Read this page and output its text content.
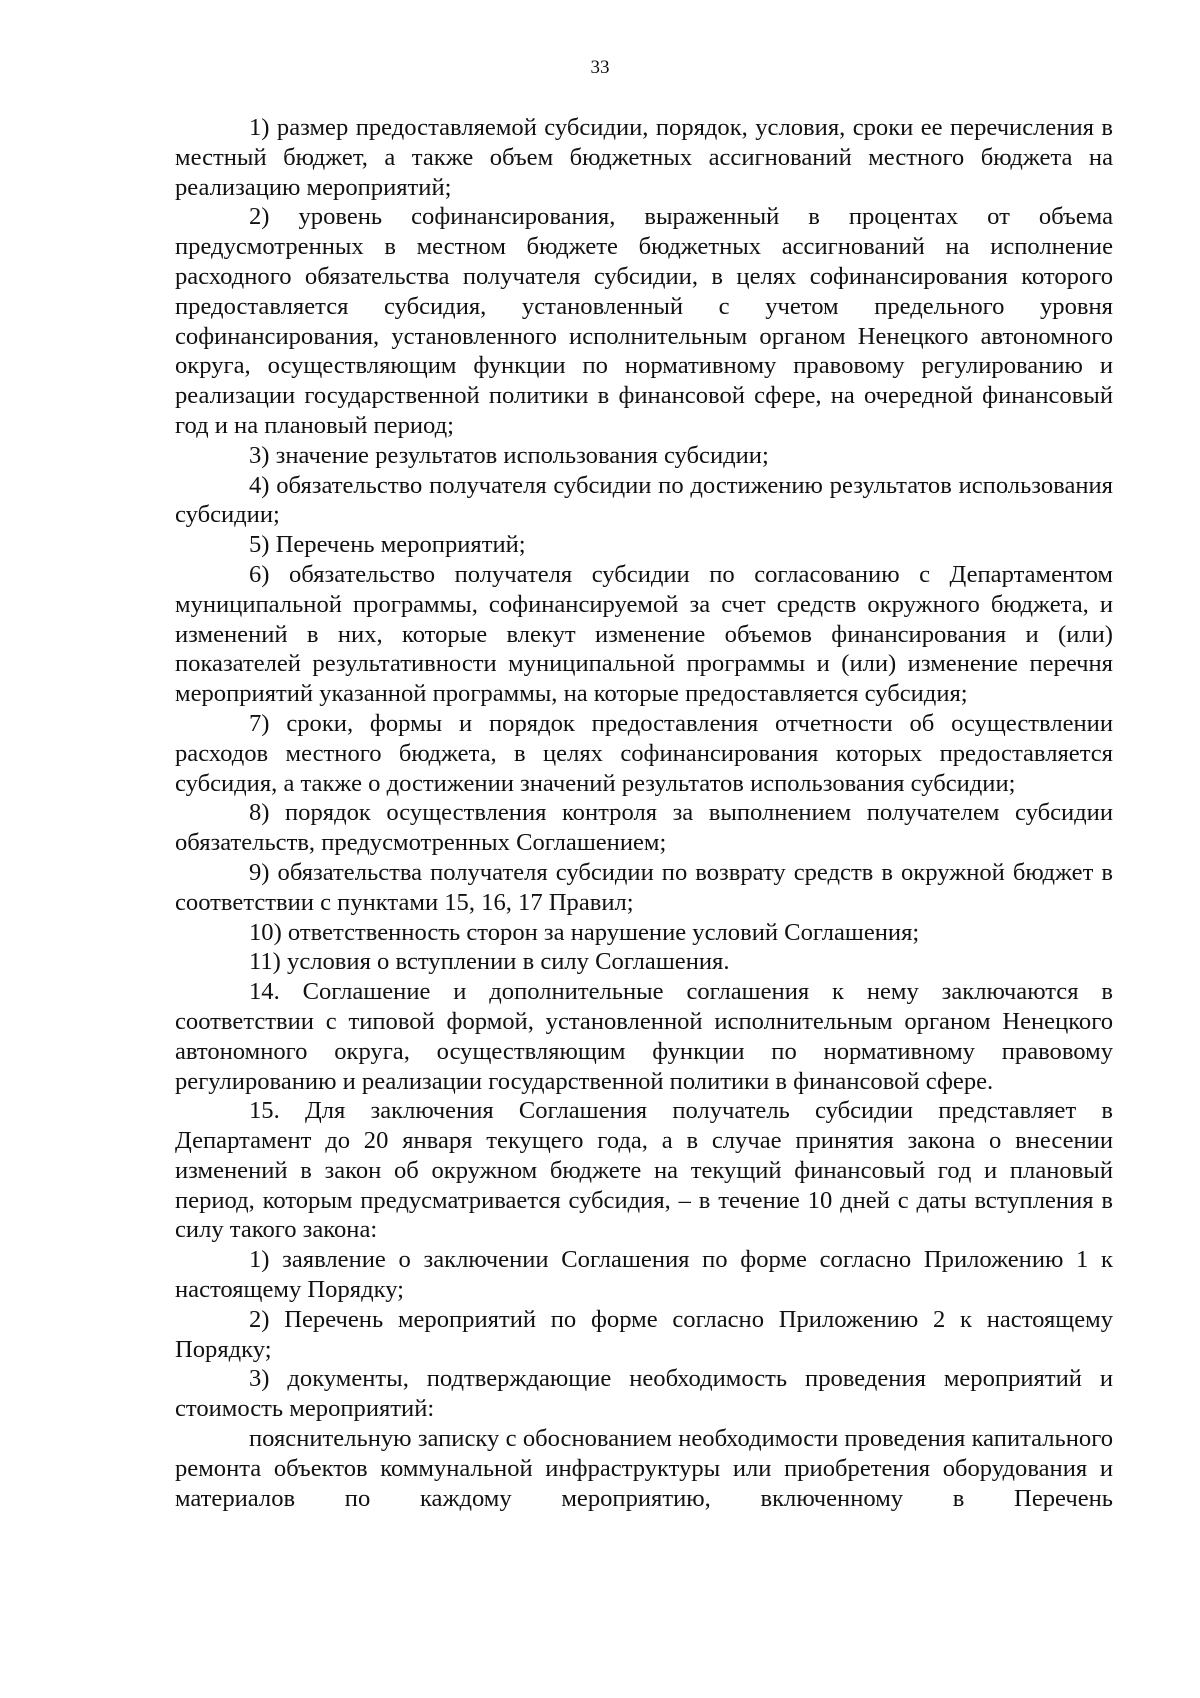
33

1) размер предоставляемой субсидии, порядок, условия, сроки ее перечисления в местный бюджет, а также объем бюджетных ассигнований местного бюджета на реализацию мероприятий;

2) уровень софинансирования, выраженный в процентах от объема предусмотренных в местном бюджете бюджетных ассигнований на исполнение расходного обязательства получателя субсидии, в целях софинансирования которого предоставляется субсидия, установленный с учетом предельного уровня софинансирования, установленного исполнительным органом Ненецкого автономного округа, осуществляющим функции по нормативному правовому регулированию и реализации государственной политики в финансовой сфере, на очередной финансовый год и на плановый период;

3) значение результатов использования субсидии;

4) обязательство получателя субсидии по достижению результатов использования субсидии;

5) Перечень мероприятий;

6) обязательство получателя субсидии по согласованию с Департаментом муниципальной программы, софинансируемой за счет средств окружного бюджета, и изменений в них, которые влекут изменение объемов финансирования и (или) показателей результативности муниципальной программы и (или) изменение перечня мероприятий указанной программы, на которые предоставляется субсидия;

7) сроки, формы и порядок предоставления отчетности об осуществлении расходов местного бюджета, в целях софинансирования которых предоставляется субсидия, а также о достижении значений результатов использования субсидии;

8) порядок осуществления контроля за выполнением получателем субсидии обязательств, предусмотренных Соглашением;

9) обязательства получателя субсидии по возврату средств в окружной бюджет в соответствии с пунктами 15, 16, 17 Правил;

10) ответственность сторон за нарушение условий Соглашения;

11) условия о вступлении в силу Соглашения.

14. Соглашение и дополнительные соглашения к нему заключаются в соответствии с типовой формой, установленной исполнительным органом Ненецкого автономного округа, осуществляющим функции по нормативному правовому регулированию и реализации государственной политики в финансовой сфере.

15. Для заключения Соглашения получатель субсидии представляет в Департамент до 20 января текущего года, а в случае принятия закона о внесении изменений в закон об окружном бюджете на текущий финансовый год и плановый период, которым предусматривается субсидия, – в течение 10 дней с даты вступления в силу такого закона:

1) заявление о заключении Соглашения по форме согласно Приложению 1 к настоящему Порядку;

2) Перечень мероприятий по форме согласно Приложению 2 к настоящему Порядку;

3) документы, подтверждающие необходимость проведения мероприятий и стоимость мероприятий:

пояснительную записку с обоснованием необходимости проведения капитального ремонта объектов коммунальной инфраструктуры или приобретения оборудования и материалов по каждому мероприятию, включенному в Перечень
